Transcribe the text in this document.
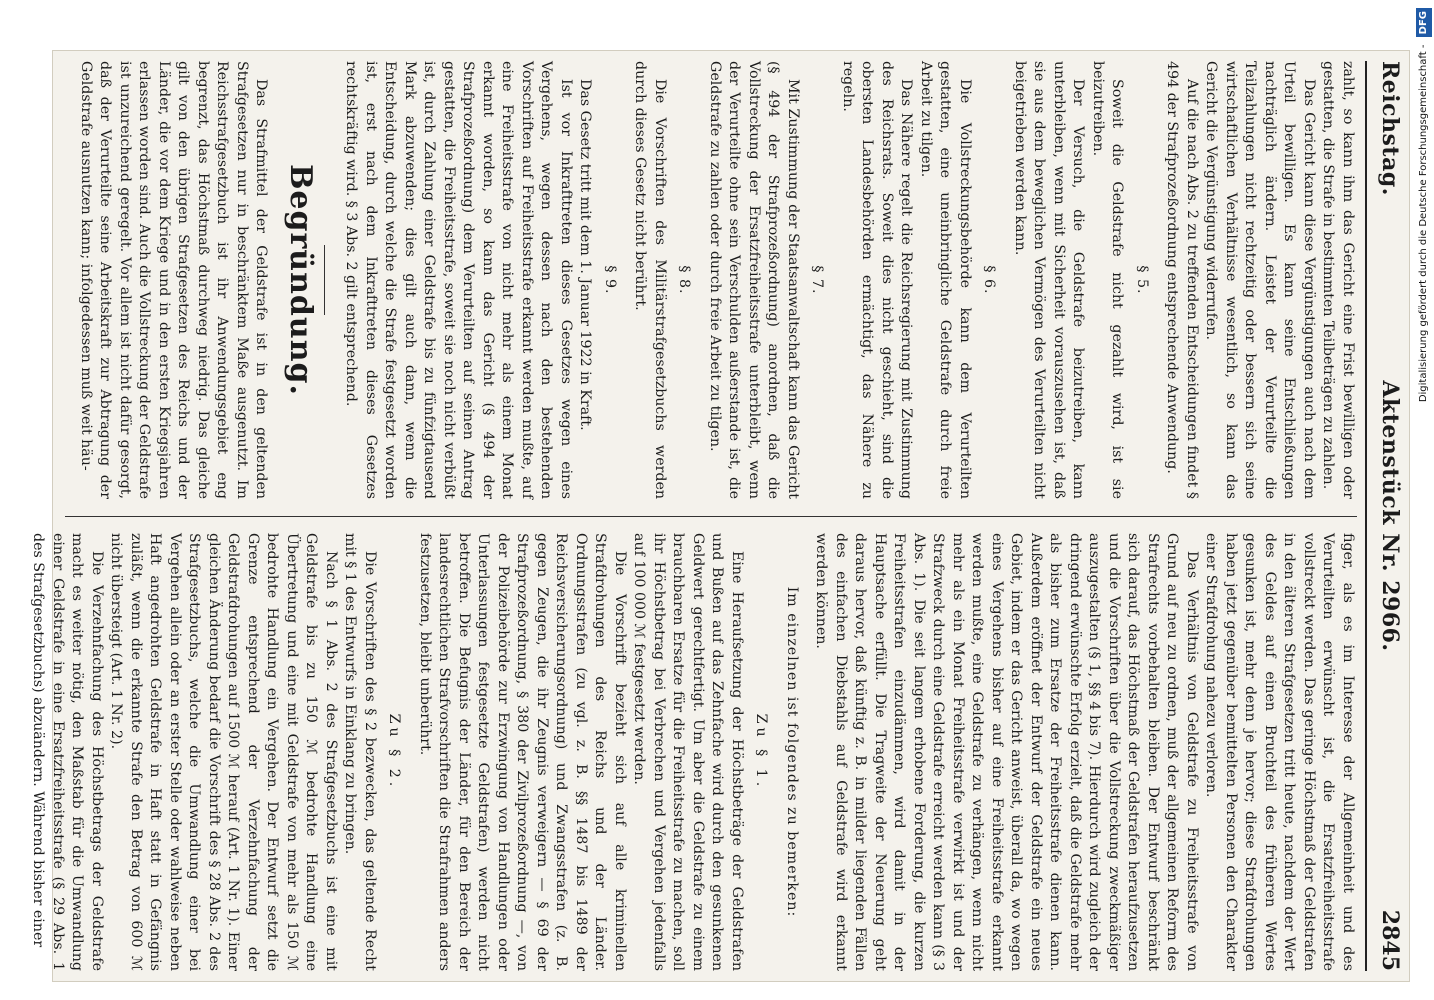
Reichstag.
Aktenstück Nr. 2966.
2845

zahlt, so kann ihm das Gericht eine Frist bewilligen oder gestatten, die Strafe in bestimmten Teilbeträgen zu zahlen.

Das Gericht kann diese Vergünstigungen auch nach dem Urteil bewilligen. Es kann seine Entschließungen nachträglich ändern. Leistet der Verurteilte die Teilzahlungen nicht rechtzeitig oder bessern sich seine wirtschaftlichen Verhältnisse wesentlich, so kann das Gericht die Vergünstigung widerrufen.

Auf die nach Abs. 2 zu treffenden Entscheidungen findet § 494 der Strafprozeßordnung entsprechende Anwendung.

§ 5.

Soweit die Geldstrafe nicht gezahlt wird, ist sie beizutreiben.

Der Versuch, die Geldstrafe beizutreiben, kann unterbleiben, wenn mit Sicherheit vorauszusehen ist, daß sie aus dem beweglichen Vermögen des Verurteilten nicht beigetrieben werden kann.

§ 6.

Die Vollstreckungsbehörde kann dem Verurteilten gestatten, eine uneinbringliche Geldstrafe durch freie Arbeit zu tilgen.

Das Nähere regelt die Reichsregierung mit Zustimmung des Reichsrats. Soweit dies nicht geschieht, sind die obersten Landesbehörden ermächtigt, das Nähere zu regeln.

§ 7.

Mit Zustimmung der Staatsanwaltschaft kann das Gericht (§ 494 der Strafprozeßordnung) anordnen, daß die Vollstreckung der Ersatzfreiheitsstrafe unterbleibt, wenn der Verurteilte ohne sein Verschulden außerstande ist, die Geldstrafe zu zahlen oder durch freie Arbeit zu tilgen.

§ 8.

Die Vorschriften des Militärstrafgesetzbuchs werden durch dieses Gesetz nicht berührt.

§ 9.

Das Gesetz tritt mit dem 1. Januar 1922 in Kraft.

Ist vor Inkrafttreten dieses Gesetzes wegen eines Vergehens, wegen dessen nach den bestehenden Vorschriften auf Freiheitsstrafe erkannt werden mußte, auf eine Freiheitsstrafe von nicht mehr als einem Monat erkannt worden, so kann das Gericht (§ 494 der Strafprozeßordnung) dem Verurteilten auf seinen Antrag gestatten, die Freiheitsstrafe, soweit sie noch nicht verbüßt ist, durch Zahlung einer Geldstrafe bis zu fünfzigtausend Mark abzuwenden; dies gilt auch dann, wenn die Entscheidung, durch welche die Strafe festgesetzt worden ist, erst nach dem Inkrafttreten dieses Gesetzes rechtskräftig wird. § 3 Abs. 2 gilt entsprechend.

Begründung.

Das Strafmittel der Geldstrafe ist in den geltenden Strafgesetzen nur in beschränktem Maße ausgenutzt. Im Reichsstrafgesetzbuch ist ihr Anwendungsgebiet eng begrenzt, das Höchstmaß durchweg niedrig. Das gleiche gilt von den übrigen Strafgesetzen des Reichs und der Länder, die vor dem Kriege und in den ersten Kriegsjahren erlassen worden sind. Auch die Vollstreckung der Geldstrafe ist unzureichend geregelt. Vor allem ist nicht dafür gesorgt, daß der Verurteilte seine Arbeitskraft zur Abtragung der Geldstrafe ausnutzen kann; infolgedessen muß weit häu-

figer, als es im Interesse der Allgemeinheit und des Verurteilten erwünscht ist, die Ersatzfreiheitsstrafe vollstreckt werden. Das geringe Höchstmaß der Geldstrafen in den älteren Strafgesetzen tritt heute, nachdem der Wert des Geldes auf einen Bruchteil des früheren Wertes gesunken ist, mehr denn je hervor; diese Strafdrohungen haben jetzt gegenüber bemittelten Personen den Charakter einer Strafdrohung nahezu verloren.

Das Verhältnis von Geldstrafe zu Freiheitsstrafe von Grund auf neu zu ordnen, muß der allgemeinen Reform des Strafrechts vorbehalten bleiben. Der Entwurf beschränkt sich darauf, das Höchstmaß der Geldstrafen heraufzusetzen und die Vorschriften über die Vollstreckung zweckmäßiger auszugestalten (§ 1, §§ 4 bis 7). Hierdurch wird zugleich der dringend erwünschte Erfolg erzielt, daß die Geldstrafe mehr als bisher zum Ersatze der Freiheitsstrafe dienen kann. Außerdem eröffnet der Entwurf der Geldstrafe ein neues Gebiet, indem er das Gericht anweist, überall da, wo wegen eines Vergehens bisher auf eine Freiheitsstrafe erkannt werden mußte, eine Geldstrafe zu verhängen, wenn nicht mehr als ein Monat Freiheitsstrafe verwirkt ist und der Strafzweck durch eine Geldstrafe erreicht werden kann (§ 3 Abs. 1). Die seit langem erhobene Forderung, die kurzen Freiheitsstrafen einzudämmen, wird damit in der Hauptsache erfüllt. Die Tragweite der Neuerung geht daraus hervor, daß künftig z. B. in milder liegenden Fällen des einfachen Diebstahls auf Geldstrafe wird erkannt werden können.

Im einzelnen ist folgendes zu bemerken:
Zu § 1.

Eine Heraufsetzung der Höchstbeträge der Geldstrafen und Bußen auf das Zehnfache wird durch den gesunkenen Geldwert gerechtfertigt. Um aber die Geldstrafe zu einem brauchbaren Ersatze für die Freiheitsstrafe zu machen, soll ihr Höchstbetrag bei Verbrechen und Vergehen jedenfalls auf 100 000 ℳ festgesetzt werden.

Die Vorschrift bezieht sich auf alle kriminellen Strafdrohungen des Reichs und der Länder. Ordnungsstrafen (zu vgl. z. B. §§ 1487 bis 1489 der Reichsversicherungsordnung) und Zwangsstrafen (z. B. gegen Zeugen, die ihr Zeugnis verweigern — § 69 der Strafprozeßordnung, § 380 der Zivilprozeßordnung —, von der Polizeibehörde zur Erzwingung von Handlungen oder Unterlassungen festgesetzte Geldstrafen) werden nicht betroffen. Die Befugnis der Länder, für den Bereich der landesrechtlichen Strafvorschriften die Strafrahmen anders festzusetzen, bleibt unberührt.

Zu § 2.

Die Vorschriften des § 2 bezwecken, das geltende Recht mit § 1 des Entwurfs in Einklang zu bringen.

Nach § 1 Abs. 2 des Strafgesetzbuchs ist eine mit Geldstrafe bis zu 150 ℳ bedrohte Handlung eine Übertretung und eine mit Geldstrafe von mehr als 150 ℳ bedrohte Handlung ein Vergehen. Der Entwurf setzt die Grenze entsprechend der Verzehnfachung der Geldstrafdrohungen auf 1500 ℳ herauf (Art. 1 Nr. 1). Einer gleichen Änderung bedarf die Vorschrift des § 28 Abs. 2 des Strafgesetzbuchs, welche die Umwandlung einer bei Vergehen allein oder an erster Stelle oder wahlweise neben Haft angedrohten Geldstrafe in Haft statt in Gefängnis zuläßt, wenn die erkannte Strafe den Betrag von 600 ℳ nicht übersteigt (Art. 1 Nr. 2).

Die Verzehnfachung des Höchstbetrags der Geldstrafe macht es weiter nötig, den Maßstab für die Umwandlung einer Geldstrafe in eine Ersatzfreiheitsstrafe (§ 29 Abs. 1 des Strafgesetzbuchs) abzuändern. Während bisher einer

Digitalisierung gefördert durch die Deutsche Forschungsgemeinschaft - DFG
